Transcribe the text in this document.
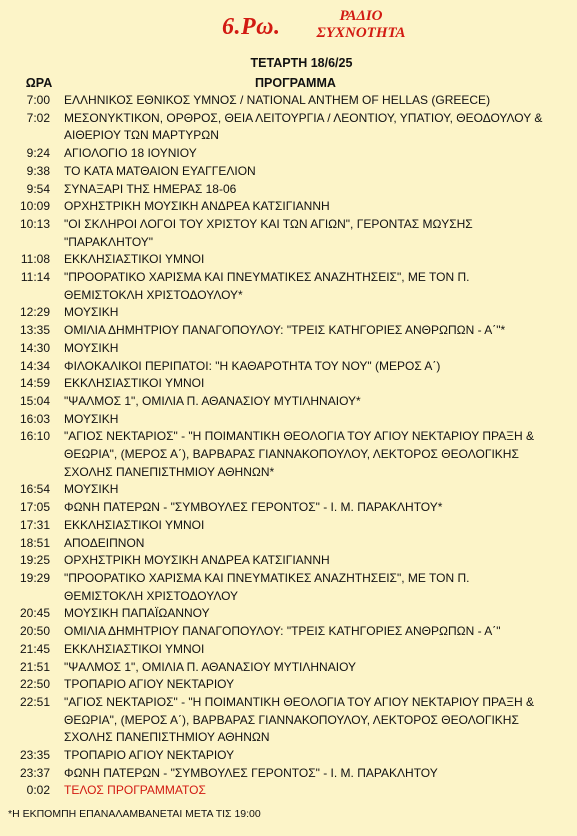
6.Ρω.	ΡΑΔΙΟ
ΣΥΧΝΟΤΗΤΑ
ΤΕΤΑΡΤΗ 18/6/25
ΩΡΑ	ΠΡΟΓΡΑΜΜΑ
7:00 ΕΛΛΗΝΙΚΟΣ ΕΘΝΙΚΟΣ ΥΜΝΟΣ / NATIONAL ANTHEM OF HELLAS (GREECE)
7:02 ΜΕΣΟΝΥΚΤΙΚΟΝ, ΟΡΘΡΟΣ, ΘΕΙΑ ΛΕΙΤΟΥΡΓΙΑ / ΛΕΟΝΤΙΟΥ, ΥΠΑΤΙΟΥ, ΘΕΟΔΟΥΛΟΥ & ΑΙΘΕΡΙΟΥ ΤΩΝ ΜΑΡΤΥΡΩΝ
9:24 ΑΓΙΟΛΟΓΙΟ 18 ΙΟΥΝΙΟΥ
9:38 ΤΟ ΚΑΤΑ ΜΑΤΘΑΙΟΝ ΕΥΑΓΓΕΛΙΟΝ
9:54 ΣΥΝΑΞΑΡΙ ΤΗΣ ΗΜΕΡΑΣ 18-06
10:09 ΟΡΧΗΣΤΡΙΚΗ ΜΟΥΣΙΚΗ ΑΝΔΡΕΑ ΚΑΤΣΙΓΙΑΝΝΗ
10:13 "ΟΙ ΣΚΛΗΡΟΙ ΛΟΓΟΙ ΤΟΥ ΧΡΙΣΤΟΥ ΚΑΙ ΤΩΝ ΑΓΙΩΝ", ΓΕΡΟΝΤΑΣ ΜΩΥΣΗΣ "ΠΑΡΑΚΛΗΤΟΥ"
11:08 ΕΚΚΛΗΣΙΑΣΤΙΚΟΙ ΥΜΝΟΙ
11:14 "ΠΡΟΟΡΑΤΙΚΟ ΧΑΡΙΣΜΑ ΚΑΙ ΠΝΕΥΜΑΤΙΚΕΣ ΑΝΑΖΗΤΗΣΕΙΣ", ΜΕ ΤΟΝ Π. ΘΕΜΙΣΤΟΚΛΗ ΧΡΙΣΤΟΔΟΥΛΟΥ*
12:29 ΜΟΥΣΙΚΗ
13:35 ΟΜΙΛΙΑ ΔΗΜΗΤΡΙΟΥ ΠΑΝΑΓΟΠΟΥΛΟΥ: "ΤΡΕΙΣ ΚΑΤΗΓΟΡΙΕΣ ΑΝΘΡΩΠΩΝ - Α΄"*
14:30 ΜΟΥΣΙΚΗ
14:34 ΦΙΛΟΚΑΛΙΚΟΙ ΠΕΡΙΠΑΤΟΙ: "Η ΚΑΘΑΡΟΤΗΤΑ ΤΟΥ ΝΟΥ" (ΜΕΡΟΣ Α΄)
14:59 ΕΚΚΛΗΣΙΑΣΤΙΚΟΙ ΥΜΝΟΙ
15:04 "ΨΑΛΜΟΣ 1", ΟΜΙΛΙΑ Π. ΑΘΑΝΑΣΙΟΥ ΜΥΤΙΛΗΝΑΙΟΥ*
16:03 ΜΟΥΣΙΚΗ
16:10 "ΑΓΙΟΣ ΝΕΚΤΑΡΙΟΣ" - "Η ΠΟΙΜΑΝΤΙΚΗ ΘΕΟΛΟΓΙΑ ΤΟΥ ΑΓΙΟΥ ΝΕΚΤΑΡΙΟΥ ΠΡΑΞΗ & ΘΕΩΡΙΑ", (ΜΕΡΟΣ Α΄), ΒΑΡΒΑΡΑΣ ΓΙΑΝΝΑΚΟΠΟΥΛΟΥ, ΛΕΚΤΟΡΟΣ ΘΕΟΛΟΓΙΚΗΣ ΣΧΟΛΗΣ ΠΑΝΕΠΙΣΤΗΜΙΟΥ ΑΘΗΝΩΝ*
16:54 ΜΟΥΣΙΚΗ
17:05 ΦΩΝΗ ΠΑΤΕΡΩΝ - "ΣΥΜΒΟΥΛΕΣ ΓΕΡΟΝΤΟΣ" - Ι. Μ. ΠΑΡΑΚΛΗΤΟΥ*
17:31 ΕΚΚΛΗΣΙΑΣΤΙΚΟΙ ΥΜΝΟΙ
18:51 ΑΠΟΔΕΙΠΝΟΝ
19:25 ΟΡΧΗΣΤΡΙΚΗ ΜΟΥΣΙΚΗ ΑΝΔΡΕΑ ΚΑΤΣΙΓΙΑΝΝΗ
19:29 "ΠΡΟΟΡΑΤΙΚΟ ΧΑΡΙΣΜΑ ΚΑΙ ΠΝΕΥΜΑΤΙΚΕΣ ΑΝΑΖΗΤΗΣΕΙΣ", ΜΕ ΤΟΝ Π. ΘΕΜΙΣΤΟΚΛΗ ΧΡΙΣΤΟΔΟΥΛΟΥ
20:45 ΜΟΥΣΙΚΗ ΠΑΠΑΪΩΑΝΝΟΥ
20:50 ΟΜΙΛΙΑ ΔΗΜΗΤΡΙΟΥ ΠΑΝΑΓΟΠΟΥΛΟΥ: "ΤΡΕΙΣ ΚΑΤΗΓΟΡΙΕΣ ΑΝΘΡΩΠΩΝ - Α΄"
21:45 ΕΚΚΛΗΣΙΑΣΤΙΚΟΙ ΥΜΝΟΙ
21:51 "ΨΑΛΜΟΣ 1", ΟΜΙΛΙΑ Π. ΑΘΑΝΑΣΙΟΥ ΜΥΤΙΛΗΝΑΙΟΥ
22:50 ΤΡΟΠΑΡΙΟ ΑΓΙΟΥ ΝΕΚΤΑΡΙΟΥ
22:51 "ΑΓΙΟΣ ΝΕΚΤΑΡΙΟΣ" - "Η ΠΟΙΜΑΝΤΙΚΗ ΘΕΟΛΟΓΙΑ ΤΟΥ ΑΓΙΟΥ ΝΕΚΤΑΡΙΟΥ ΠΡΑΞΗ & ΘΕΩΡΙΑ", (ΜΕΡΟΣ Α΄), ΒΑΡΒΑΡΑΣ ΓΙΑΝΝΑΚΟΠΟΥΛΟΥ, ΛΕΚΤΟΡΟΣ ΘΕΟΛΟΓΙΚΗΣ ΣΧΟΛΗΣ ΠΑΝΕΠΙΣΤΗΜΙΟΥ ΑΘΗΝΩΝ
23:35 ΤΡΟΠΑΡΙΟ ΑΓΙΟΥ ΝΕΚΤΑΡΙΟΥ
23:37 ΦΩΝΗ ΠΑΤΕΡΩΝ - "ΣΥΜΒΟΥΛΕΣ ΓΕΡΟΝΤΟΣ" - Ι. Μ. ΠΑΡΑΚΛΗΤΟΥ
0:02 ΤΕΛΟΣ ΠΡΟΓΡΑΜΜΑΤΟΣ
*Η ΕΚΠΟΜΠΗ ΕΠΑΝΑΛΑΜΒΑΝΕΤΑΙ ΜΕΤΑ ΤΙΣ 19:00
